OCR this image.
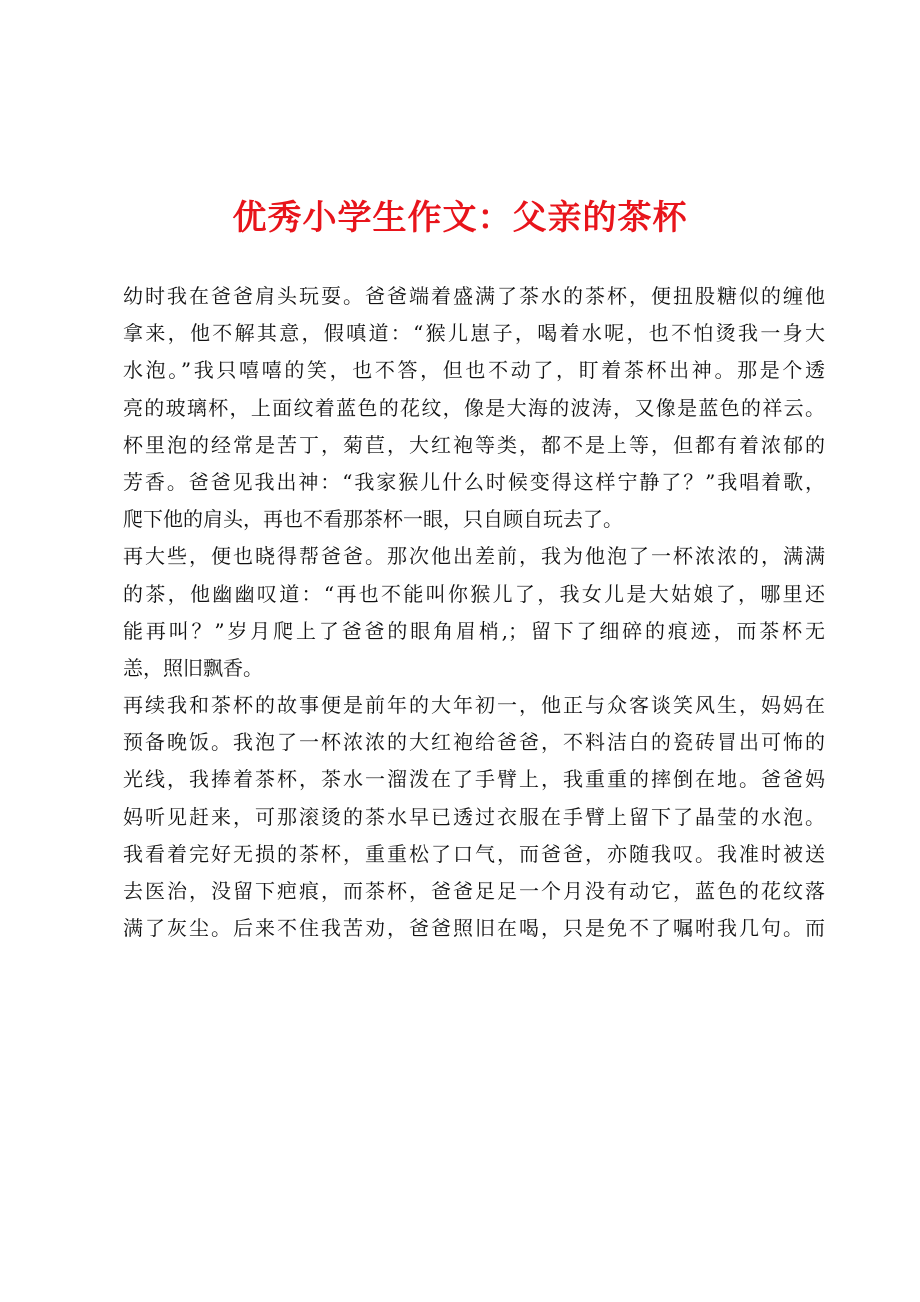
优秀小学生作文：父亲的茶杯

幼时我在爸爸肩头玩耍。爸爸端着盛满了茶水的茶杯，便扭股糖似的缠他
拿来，他不解其意，假嗔道：“猴儿崽子，喝着水呢，也不怕烫我一身大
水泡。”我只嘻嘻的笑，也不答，但也不动了，盯着茶杯出神。那是个透
亮的玻璃杯，上面纹着蓝色的花纹，像是大海的波涛，又像是蓝色的祥云。
杯里泡的经常是苦丁，菊苣，大红袍等类，都不是上等，但都有着浓郁的
芳香。爸爸见我出神：“我家猴儿什么时候变得这样宁静了？”我唱着歌，
爬下他的肩头，再也不看那茶杯一眼，只自顾自玩去了。

再大些，便也晓得帮爸爸。那次他出差前，我为他泡了一杯浓浓的，满满
的茶，他幽幽叹道：“再也不能叫你猴儿了，我女儿是大姑娘了，哪里还
能再叫？”岁月爬上了爸爸的眼角眉梢,；留下了细碎的痕迹，而茶杯无
恙，照旧飘香。

再续我和茶杯的故事便是前年的大年初一，他正与众客谈笑风生，妈妈在
预备晚饭。我泡了一杯浓浓的大红袍给爸爸，不料洁白的瓷砖冒出可怖的
光线，我捧着茶杯，茶水一溜泼在了手臂上，我重重的摔倒在地。爸爸妈
妈听见赶来，可那滚烫的茶水早已透过衣服在手臂上留下了晶莹的水泡。
我看着完好无损的茶杯，重重松了口气，而爸爸，亦随我叹。我准时被送
去医治，没留下疤痕，而茶杯，爸爸足足一个月没有动它，蓝色的花纹落
满了灰尘。后来不住我苦劝，爸爸照旧在喝，只是免不了嘱咐我几句。而
